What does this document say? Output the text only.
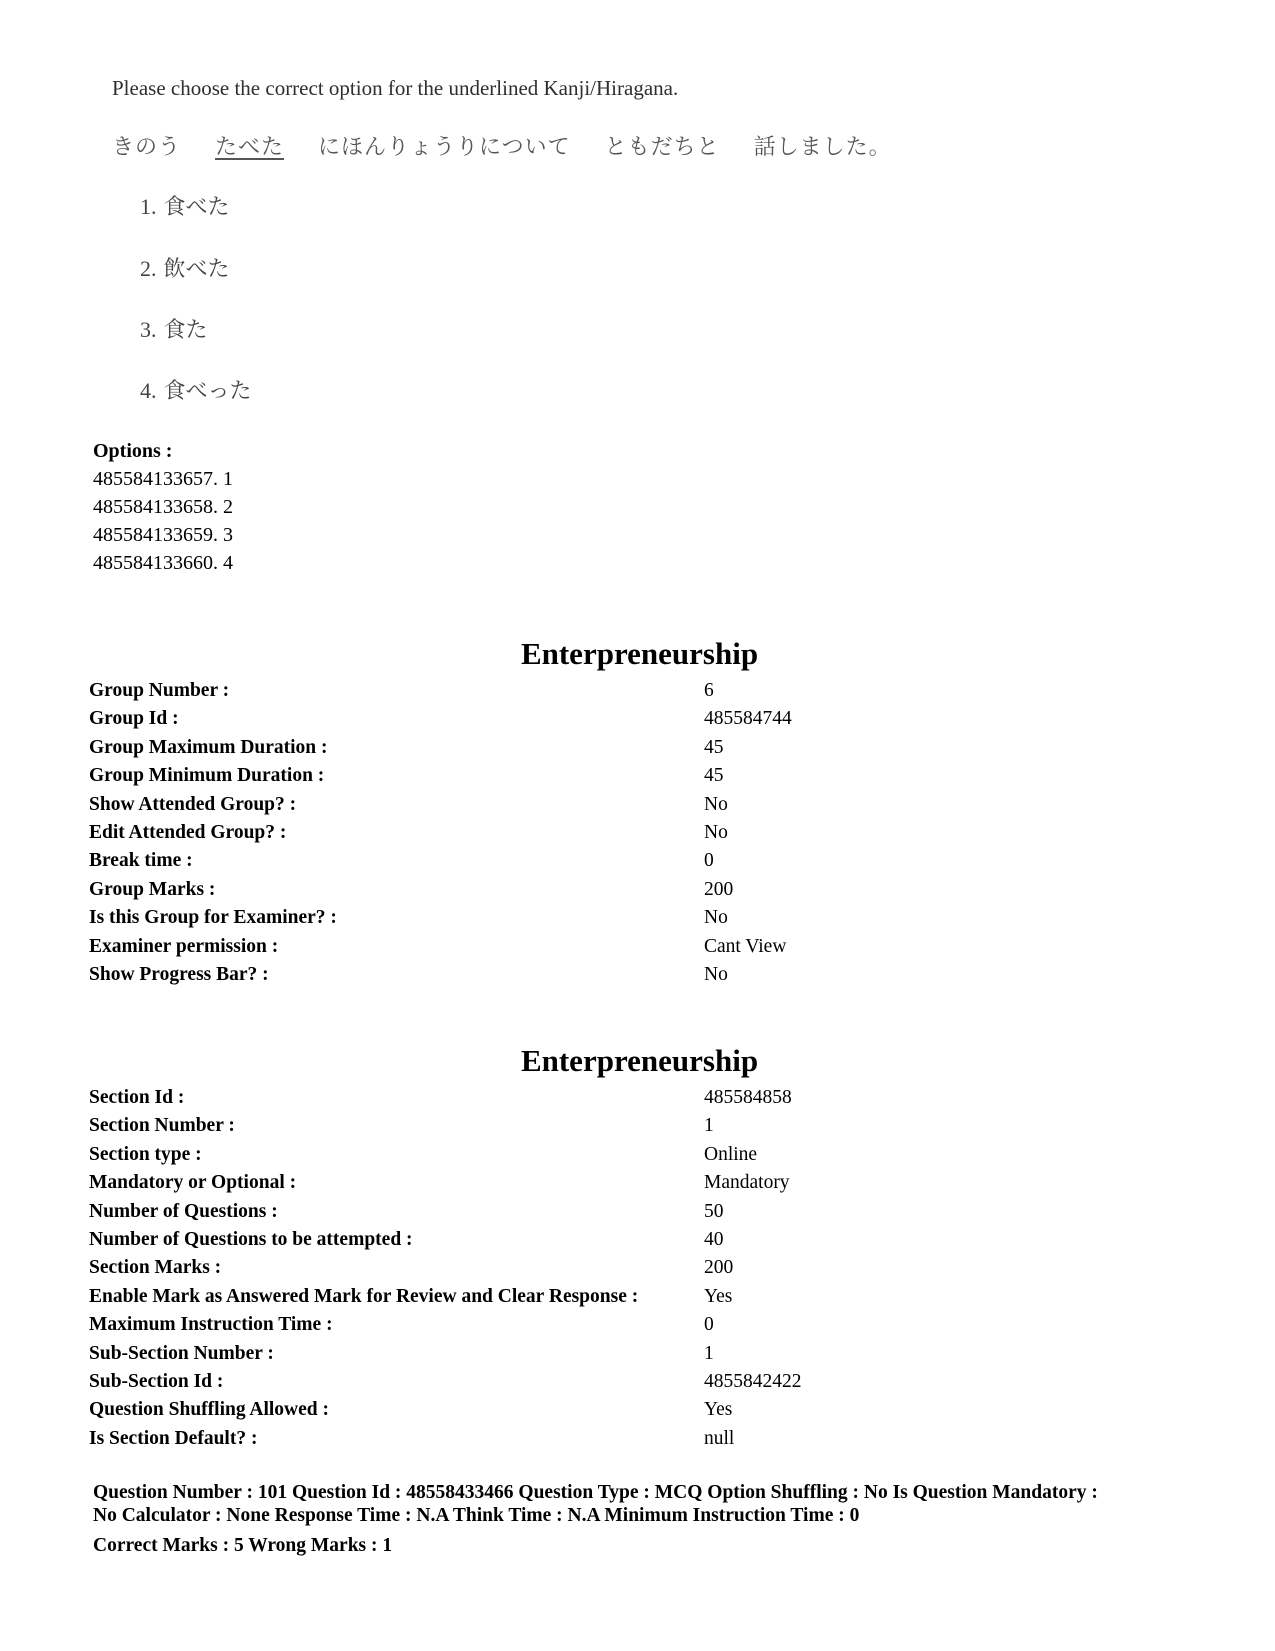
Please choose the correct option for the underlined Kanji/Hiragana.
きのう たべた にほんりょうりについて ともだちと 話しました。
1. 食べた
2. 飲べた
3. 食た
4. 食べった
Options :
485584133657. 1
485584133658. 2
485584133659. 3
485584133660. 4
Enterpreneurship
Group Number :	6
Group Id :	485584744
Group Maximum Duration :	45
Group Minimum Duration :	45
Show Attended Group? :	No
Edit Attended Group? :	No
Break time :	0
Group Marks :	200
Is this Group for Examiner? :	No
Examiner permission :	Cant View
Show Progress Bar? :	No
Enterpreneurship
Section Id :	485584858
Section Number :	1
Section type :	Online
Mandatory or Optional :	Mandatory
Number of Questions :	50
Number of Questions to be attempted :	40
Section Marks :	200
Enable Mark as Answered Mark for Review and Clear Response :	Yes
Maximum Instruction Time :	0
Sub-Section Number :	1
Sub-Section Id :	4855842422
Question Shuffling Allowed :	Yes
Is Section Default? :	null
Question Number : 101 Question Id : 48558433466 Question Type : MCQ Option Shuffling : No Is Question Mandatory :
No Calculator : None Response Time : N.A Think Time : N.A Minimum Instruction Time : 0
Correct Marks : 5 Wrong Marks : 1
